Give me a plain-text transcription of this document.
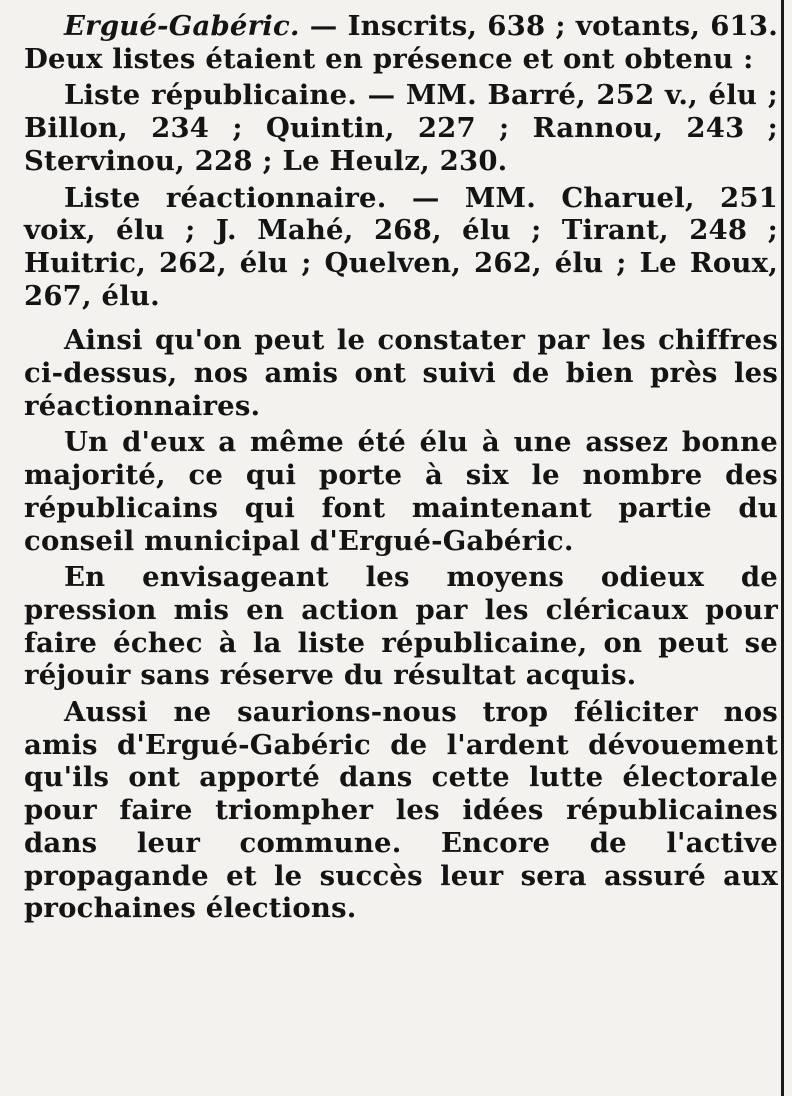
Ergué-Gabéric. — Inscrits, 638 ; votants, 613. Deux listes étaient en présence et ont obtenu :

Liste républicaine. — MM. Barré, 252 v., élu ; Billon, 234 ; Quintin, 227 ; Rannou, 243 ; Stervinou, 228 ; Le Heulz, 230.

Liste réactionnaire. — MM. Charuel, 251 voix, élu ; J. Mahé, 268, élu ; Tirant, 248 ; Huitric, 262, élu ; Quelven, 262, élu ; Le Roux, 267, élu.

Ainsi qu'on peut le constater par les chiffres ci-dessus, nos amis ont suivi de bien près les réactionnaires.

Un d'eux a même été élu à une assez bonne majorité, ce qui porte à six le nombre des républicains qui font maintenant partie du conseil municipal d'Ergué-Gabéric.

En envisageant les moyens odieux de pression mis en action par les cléricaux pour faire échec à la liste républicaine, on peut se réjouir sans réserve du résultat acquis.

Aussi ne saurions-nous trop féliciter nos amis d'Ergué-Gabéric de l'ardent dévouement qu'ils ont apporté dans cette lutte électorale pour faire triompher les idées républicaines dans leur commune. Encore de l'active propagande et le succès leur sera assuré aux prochaines élections.
